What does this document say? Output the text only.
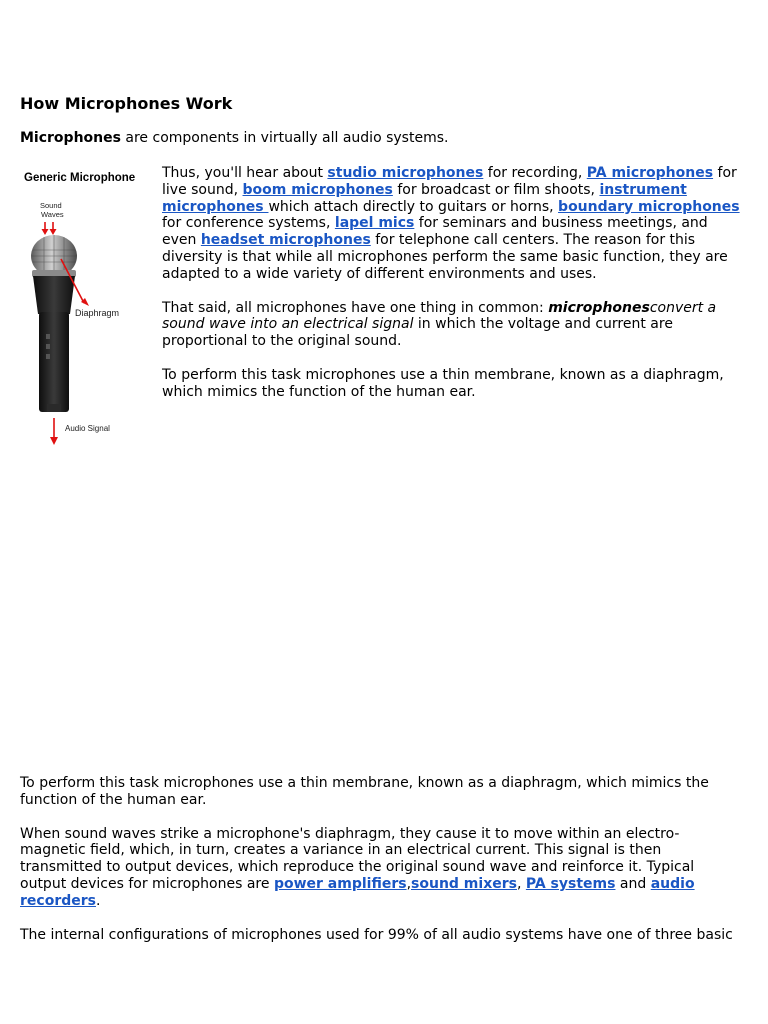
How Microphones Work

Microphones are components in virtually all audio systems.

Generic Microphone
Sound
Waves
Diaphragm
Audio Signal

Thus, you'll hear about studio microphones for recording, PA microphones for live sound, boom microphones for broadcast or film shoots, instrument microphones which attach directly to guitars or horns, boundary microphones for conference systems, lapel mics for seminars and business meetings, and even headset microphones for telephone call centers. The reason for this diversity is that while all microphones perform the same basic function, they are adapted to a wide variety of different environments and uses.

That said, all microphones have one thing in common: microphonesconvert a sound wave into an electrical signal in which the voltage and current are proportional to the original sound.

To perform this task microphones use a thin membrane, known as a diaphragm, which mimics the function of the human ear.

To perform this task microphones use a thin membrane, known as a diaphragm, which mimics the function of the human ear.

When sound waves strike a microphone's diaphragm, they cause it to move within an electro-magnetic field, which, in turn, creates a variance in an electrical current. This signal is then transmitted to output devices, which reproduce the original sound wave and reinforce it. Typical output devices for microphones are power amplifiers,sound mixers, PA systems and audio recorders.

The internal configurations of microphones used for 99% of all audio systems have one of three basic
